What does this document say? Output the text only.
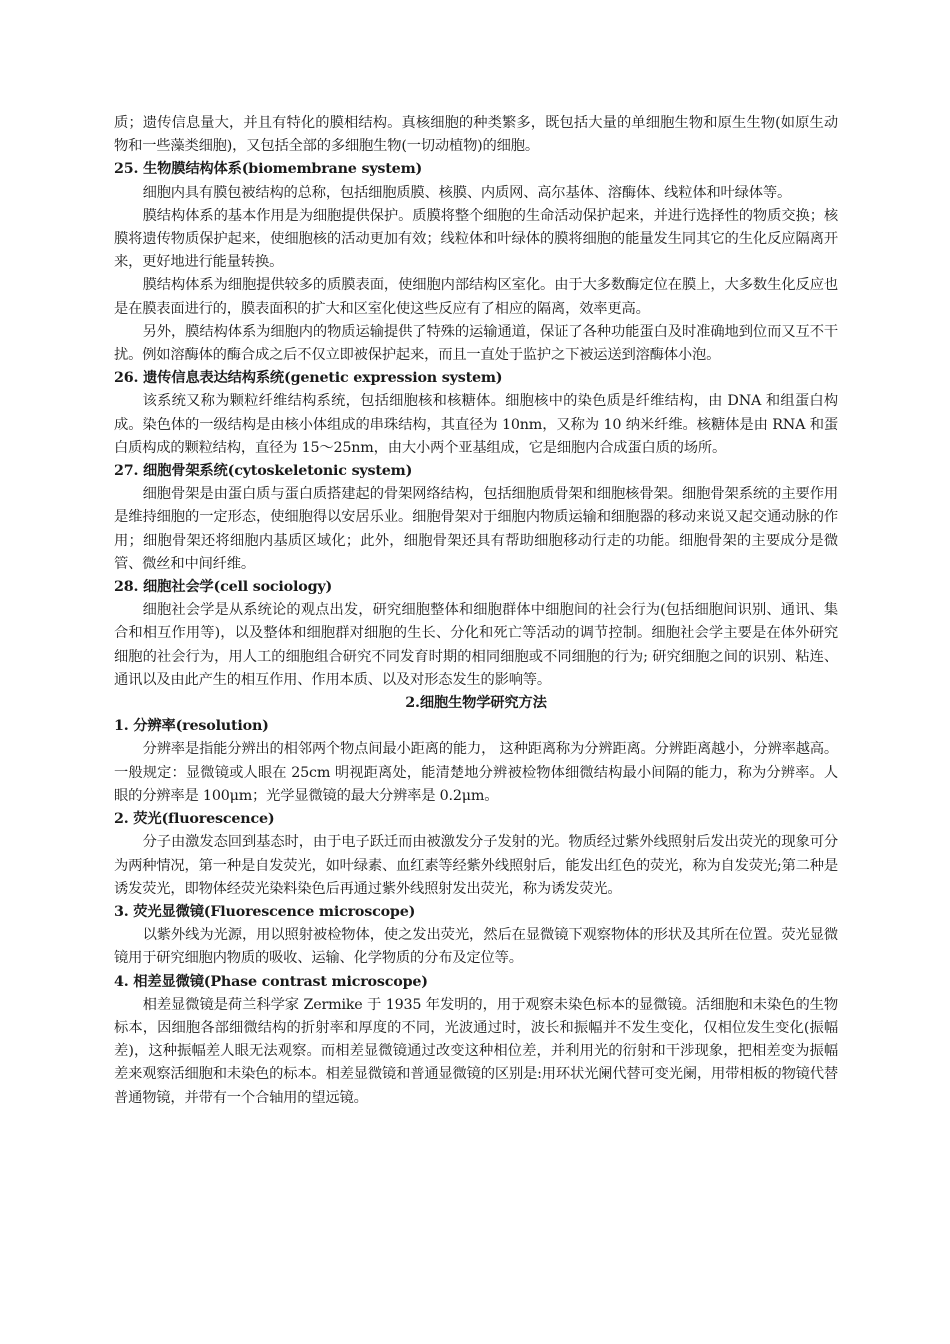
质；遗传信息量大，并且有特化的膜相结构。真核细胞的种类繁多，既包括大量的单细胞生物和原生生物(如原生动物和一些藻类细胞)，又包括全部的多细胞生物(一切动植物)的细胞。

25. 生物膜结构体系(biomembrane system)

细胞内具有膜包被结构的总称，包括细胞质膜、核膜、内质网、高尔基体、溶酶体、线粒体和叶绿体等。

膜结构体系的基本作用是为细胞提供保护。质膜将整个细胞的生命活动保护起来，并进行选择性的物质交换；核膜将遗传物质保护起来，使细胞核的活动更加有效；线粒体和叶绿体的膜将细胞的能量发生同其它的生化反应隔离开来，更好地进行能量转换。

膜结构体系为细胞提供较多的质膜表面，使细胞内部结构区室化。由于大多数酶定位在膜上，大多数生化反应也是在膜表面进行的，膜表面积的扩大和区室化使这些反应有了相应的隔离，效率更高。

另外，膜结构体系为细胞内的物质运输提供了特殊的运输通道，保证了各种功能蛋白及时准确地到位而又互不干扰。例如溶酶体的酶合成之后不仅立即被保护起来，而且一直处于监护之下被运送到溶酶体小泡。

26. 遗传信息表达结构系统(genetic expression system)

该系统又称为颗粒纤维结构系统，包括细胞核和核糖体。细胞核中的染色质是纤维结构，由 DNA 和组蛋白构成。染色体的一级结构是由核小体组成的串珠结构，其直径为 10nm，又称为 10 纳米纤维。核糖体是由 RNA 和蛋白质构成的颗粒结构，直径为 15～25nm，由大小两个亚基组成，它是细胞内合成蛋白质的场所。

27. 细胞骨架系统(cytoskeletonic system)

细胞骨架是由蛋白质与蛋白质搭建起的骨架网络结构，包括细胞质骨架和细胞核骨架。细胞骨架系统的主要作用是维持细胞的一定形态，使细胞得以安居乐业。细胞骨架对于细胞内物质运输和细胞器的移动来说又起交通动脉的作用；细胞骨架还将细胞内基质区域化；此外，细胞骨架还具有帮助细胞移动行走的功能。细胞骨架的主要成分是微管、微丝和中间纤维。

28. 细胞社会学(cell sociology)

细胞社会学是从系统论的观点出发，研究细胞整体和细胞群体中细胞间的社会行为(包括细胞间识别、通讯、集合和相互作用等)，以及整体和细胞群对细胞的生长、分化和死亡等活动的调节控制。细胞社会学主要是在体外研究细胞的社会行为，用人工的细胞组合研究不同发育时期的相同细胞或不同细胞的行为; 研究细胞之间的识别、粘连、通讯以及由此产生的相互作用、作用本质、以及对形态发生的影响等。

2.细胞生物学研究方法
1. 分辨率(resolution)

分辨率是指能分辨出的相邻两个物点间最小距离的能力， 这种距离称为分辨距离。分辨距离越小，分辨率越高。一般规定：显微镜或人眼在 25cm 明视距离处，能清楚地分辨被检物体细微结构最小间隔的能力，称为分辨率。人眼的分辨率是 100μm；光学显微镜的最大分辨率是 0.2μm。

2. 荧光(fluorescence)

分子由激发态回到基态时，由于电子跃迁而由被激发分子发射的光。物质经过紫外线照射后发出荧光的现象可分为两种情况，第一种是自发荧光，如叶绿素、血红素等经紫外线照射后，能发出红色的荧光，称为自发荧光;第二种是诱发荧光，即物体经荧光染料染色后再通过紫外线照射发出荧光，称为诱发荧光。

3. 荧光显微镜(Fluorescence microscope)

以紫外线为光源，用以照射被检物体，使之发出荧光，然后在显微镜下观察物体的形状及其所在位置。荧光显微镜用于研究细胞内物质的吸收、运输、化学物质的分布及定位等。

4. 相差显微镜(Phase contrast microscope)

相差显微镜是荷兰科学家 Zermike 于 1935 年发明的，用于观察未染色标本的显微镜。活细胞和未染色的生物标本，因细胞各部细微结构的折射率和厚度的不同，光波通过时，波长和振幅并不发生变化，仅相位发生变化(振幅差)，这种振幅差人眼无法观察。而相差显微镜通过改变这种相位差，并利用光的衍射和干涉现象，把相差变为振幅差来观察活细胞和未染色的标本。相差显微镜和普通显微镜的区别是:用环状光阑代替可变光阑，用带相板的物镜代替普通物镜，并带有一个合轴用的望远镜。
